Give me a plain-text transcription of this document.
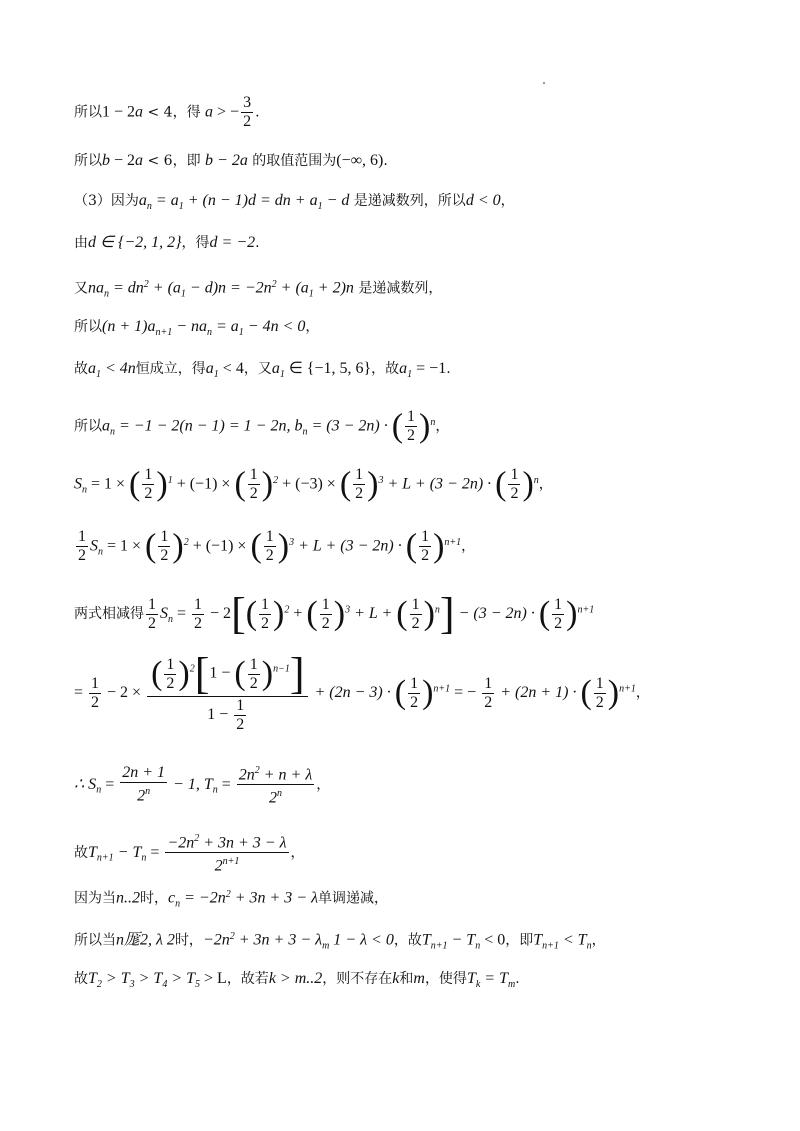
所以1 − 2a < 4，得 a > − $\frac{3}{2}$ .
所以b − 2a < 6，即 b − 2a 的取值范围为(−∞, 6).
（3）因为$a_n = a_1 + (n - 1)d$ = dn + $a_1 - d$ 是递减数列，所以d < 0，
由d ∈ {−2, 1, 2}，得d = −2.
又$na_n = dn^2 + (a_1 - d)n = -2n^2 + (a_1 + 2)n$ 是递减数列，
所以$(n + 1)a_{n+1} - na_n = a_1 - 4n < 0$，
故$a_1 < 4n$恒成立，得$a_1 < 4$，又$a_1$ ∈ {−1, 5, 6}，故$a_1 = -1$.
所以$a_n = -1 - 2(n - 1) = 1 - 2n$, $b_n = (3 - 2n)$ · ( $\frac{1}{2} )^n$，
$S_n = 1$ × ( $\frac{1}{2} )^1 + (-1)$ × ( $\frac{1}{2} )^2 + (-3)$ × ( $\frac{1}{2} )^3 + L + (3 - 2n)$ · ( $\frac{1}{2} )^n$，
$\frac{1}{2} S_n = 1$ × ( $\frac{1}{2} )^2 + (-1)$ × ( $\frac{1}{2} )^3 + L + (3 - 2n)$ · ( $\frac{1}{2} )^{n+1}$，
两式相减得 $\frac{1}{2} S_n = \frac{1}{2} - 2[( \frac{1}{2} )^2$ + ( $\frac{1}{2} )^3 + L$ + ( $\frac{1}{2} )^n] - (3 - 2n)$ · ( $\frac{1}{2} )^{n+1}$
= $\frac{1}{2} - 2 \times \frac{( \frac{1}{2} )^2[1 - ( \frac{1}{2} )^{n-1}]}{1 - \frac{1}{2}} + (2n - 3)$ · ( $\frac{1}{2} )^{n+1}$ = − $\frac{1}{2} + (2n + 1)$ · ( $\frac{1}{2} )^{n+1}$，
∴ $S_n = \frac{2n + 1}{2^n} - 1$, $T_n = \frac{2n^2 + n + \lambda}{2^n}$ ，
故$T_{n+1} - T_n = \frac{-2n^2 + 3n + 3 - \lambda}{2^{n+1}}$ ，
因为当n..2时，$c_n = -2n^2 + 3n + 3 - \lambda$单调递减，
所以当n厖2, λ 2时，$-2n^2 + 3n + 3 - \lambda_m$ 1 − λ < 0，故$T_{n+1} - T_n < 0$，即$T_{n+1} < T_n$，
故$T_2 > T_3 > T_4 > T_5 > L$，故若k > m..2，则不存在k和m，使得$T_k = T_m$.
